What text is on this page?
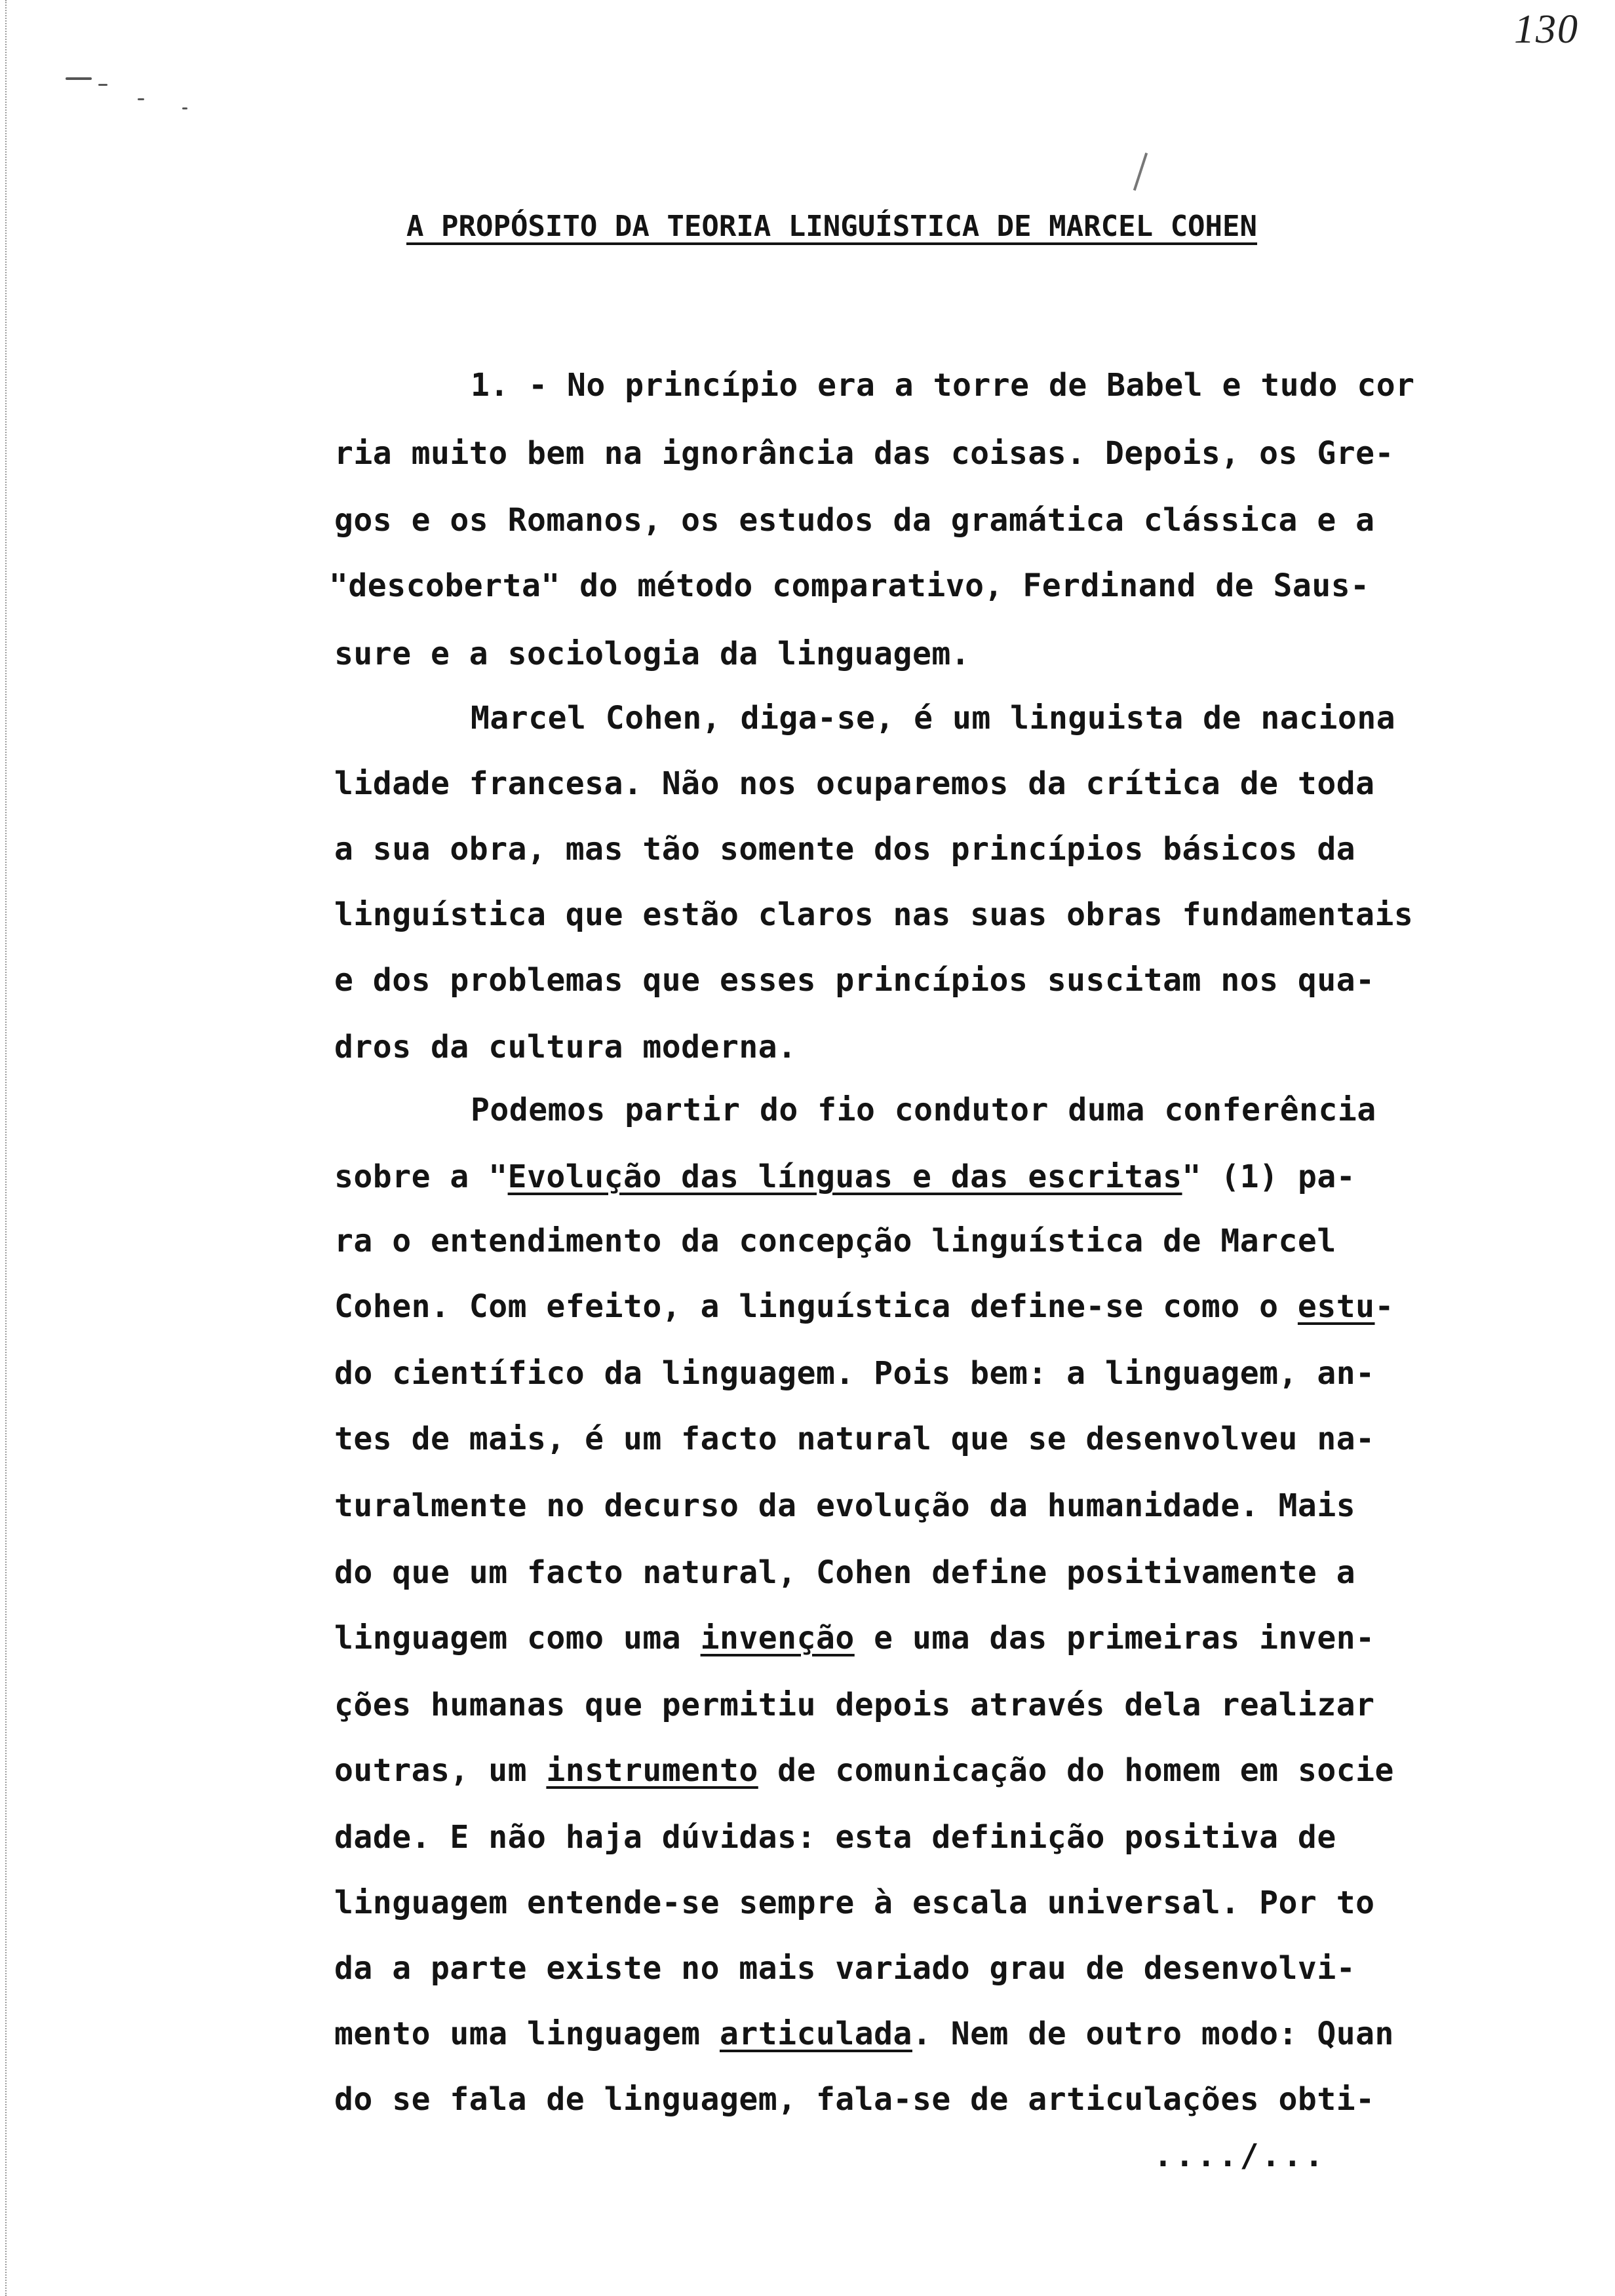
130
A PROPÓSITO DA TEORIA LINGUÍSTICA DE MARCEL COHEN
1. - No princípio era a torre de Babel e tudo cor
ria muito bem na ignorância das coisas. Depois, os Gre-
gos e os Romanos, os estudos da gramática clássica e a
"descoberta" do método comparativo, Ferdinand de Saus-
sure e a sociologia da linguagem.
Marcel Cohen, diga-se, é um linguista de naciona
lidade francesa. Não nos ocuparemos da crítica de toda
a sua obra, mas tão somente dos princípios básicos da
linguística que estão claros nas suas obras fundamentais
e dos problemas que esses princípios suscitam nos qua-
dros da cultura moderna.
Podemos partir do fio condutor duma conferência
sobre a "Evolução das línguas e das escritas" (1) pa-
ra o entendimento da concepção linguística de Marcel
Cohen. Com efeito, a linguística define-se como o estu-
do científico da linguagem. Pois bem: a linguagem, an-
tes de mais, é um facto natural que se desenvolveu na-
turalmente no decurso da evolução da humanidade. Mais
do que um facto natural, Cohen define positivamente a
linguagem como uma invenção e uma das primeiras inven-
ções humanas que permitiu depois através dela realizar
outras, um instrumento de comunicação do homem em socie
dade. E não haja dúvidas: esta definição positiva de
linguagem entende-se sempre à escala universal. Por to
da a parte existe no mais variado grau de desenvolvi-
mento uma linguagem articulada. Nem de outro modo: Quan
do se fala de linguagem, fala-se de articulações obti-
..../...
